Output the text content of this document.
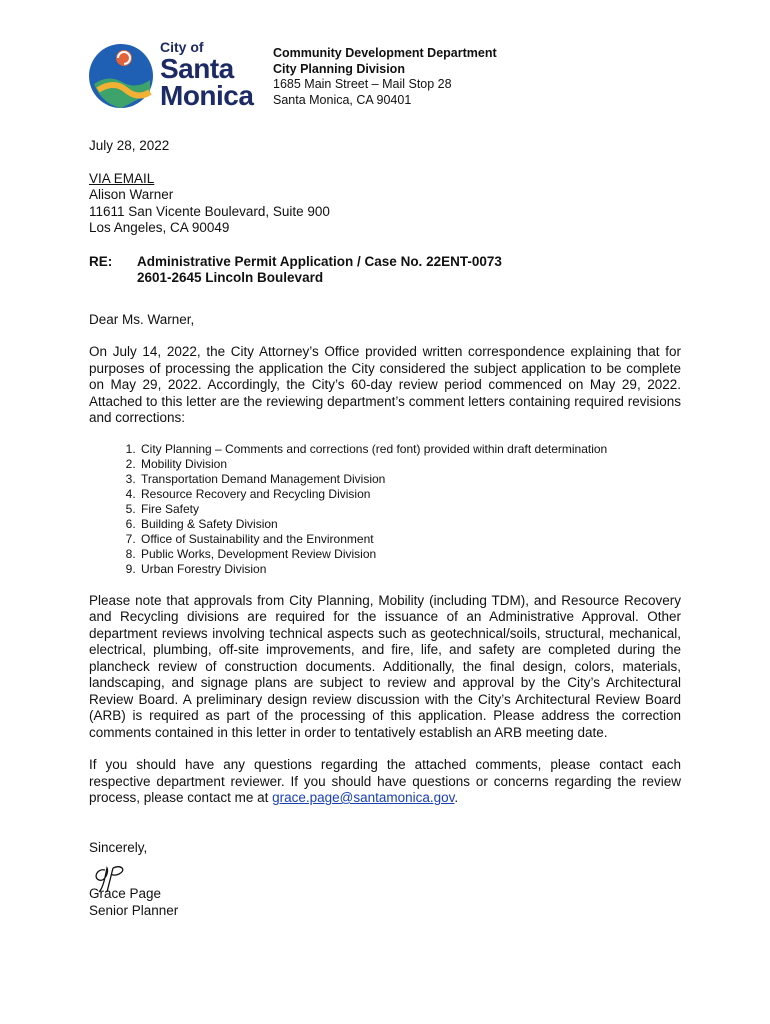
City of
Santa
Monica
Community Development Department
City Planning Division
1685 Main Street – Mail Stop 28
Santa Monica, CA 90401
July 28, 2022
VIA EMAIL
Alison Warner
11611 San Vicente Boulevard, Suite 900
Los Angeles, CA 90049
RE:	Administrative Permit Application / Case No. 22ENT-0073
2601-2645 Lincoln Boulevard
Dear Ms. Warner,

On July 14, 2022, the City Attorney’s Office provided written correspondence explaining that for purposes of processing the application the City considered the subject application to be complete on May 29, 2022. Accordingly, the City’s 60-day review period commenced on May 29, 2022. Attached to this letter are the reviewing department’s comment letters containing required revisions and corrections:

1. City Planning – Comments and corrections (red font) provided within draft determination
2. Mobility Division
3. Transportation Demand Management Division
4. Resource Recovery and Recycling Division
5. Fire Safety
6. Building & Safety Division
7. Office of Sustainability and the Environment
8. Public Works, Development Review Division
9. Urban Forestry Division

Please note that approvals from City Planning, Mobility (including TDM), and Resource Recovery and Recycling divisions are required for the issuance of an Administrative Approval. Other department reviews involving technical aspects such as geotechnical/soils, structural, mechanical, electrical, plumbing, off-site improvements, and fire, life, and safety are completed during the plancheck review of construction documents. Additionally, the final design, colors, materials, landscaping, and signage plans are subject to review and approval by the City’s Architectural Review Board. A preliminary design review discussion with the City’s Architectural Review Board (ARB) is required as part of the processing of this application. Please address the correction comments contained in this letter in order to tentatively establish an ARB meeting date.

If you should have any questions regarding the attached comments, please contact each respective department reviewer. If you should have questions or concerns regarding the review process, please contact me at grace.page@santamonica.gov.

Sincerely,
Grace Page
Senior Planner
